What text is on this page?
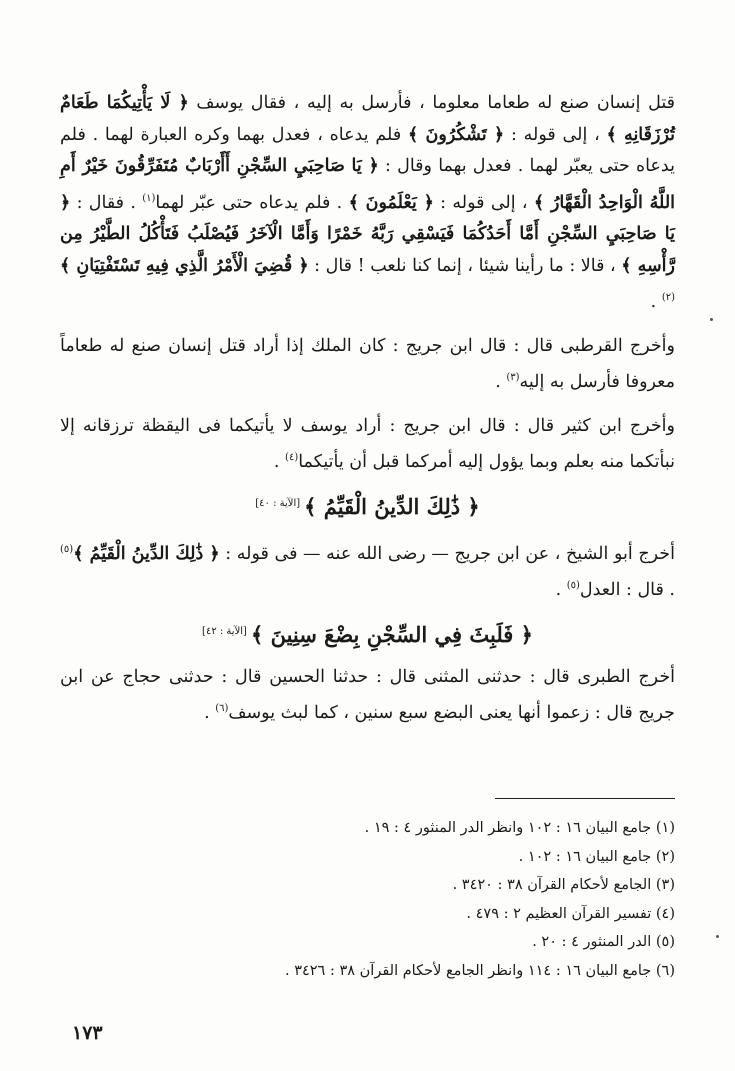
قتل إنسان صنع له طعاما معلوما ، فأرسل به إليه ، فقال يوسف ﴿ لَا يَأْتِيكُمَا طَعَامٌ تُرْزَقَانِهِ ﴾ ، إلى قوله : ﴿ تَشْكُرُونَ ﴾ فلم يدعاه ، فعدل بهما وكره العبارة لهما . فلم يدعاه حتى يعبّر لهما . فعدل بهما وقال : ﴿ يَا صَاحِبَيِ السِّجْنِ أَأَرْبَابٌ مُتَفَرِّقُونَ خَيْرٌ أَمِ اللَّهُ الْوَاحِدُ الْقَهَّارُ ﴾ ، إلى قوله : ﴿ يَعْلَمُونَ ﴾ . فلم يدعاه حتى عبّر لهما$^{(١)}$ . فقال : ﴿ يَا صَاحِبَيِ السِّجْنِ أَمَّا أَحَدُكُمَا فَيَسْقِي رَبَّهُ خَمْرًا وَأَمَّا الْآخَرُ فَيُصْلَبُ فَتَأْكُلُ الطَّيْرُ مِن رَّأْسِهِ ﴾ ، قالا : ما رأينا شيئا ، إنما كنا نلعب ! قال : ﴿ قُضِيَ الْأَمْرُ الَّذِي فِيهِ تَسْتَفْتِيَانِ ﴾$^{(٢)}$ .

وأخرج القرطبى قال : قال ابن جريج : كان الملك إذا أراد قتل إنسان صنع له طعاماً معروفا فأرسل به إليه$^{(٣)}$ .

وأخرج ابن كثير قال : قال ابن جريج : أراد يوسف لا يأتيكما فى اليقظة ترزقانه إلا نبأتكما منه بعلم وبما يؤول إليه أمركما قبل أن يأتيكما$^{(٤)}$ .

﴿ ذَٰلِكَ الدِّينُ الْقَيِّمُ ﴾[الآية : ٤٠]

أخرج أبو الشيخ ، عن ابن جريج — رضى الله عنه — فى قوله : ﴿ ذَٰلِكَ الدِّينُ الْقَيِّمُ ﴾$^{(٥)}$ . قال : العدل$^{(٥)}$ .

﴿ فَلَبِثَ فِي السِّجْنِ بِضْعَ سِنِينَ ﴾[الآية : ٤٢]

أخرج الطبرى قال : حدثنى المثنى قال : حدثنا الحسين قال : حدثنى حجاج عن ابن جريج قال : زعموا أنها يعنى البضع سبع سنين ، كما لبث يوسف$^{(٦)}$ .

(١) جامع البيان ١٦ : ١٠٢ وانظر الدر المنثور ٤ : ١٩ .
(٢) جامع البيان ١٦ : ١٠٢ .
(٣) الجامع لأحكام القرآن ٣٨ : ٣٤٢٠ .
(٤) تفسير القرآن العظيم ٢ : ٤٧٩ .
(٥) الدر المنثور ٤ : ٢٠ .
(٦) جامع البيان ١٦ : ١١٤ وانظر الجامع لأحكام القرآن ٣٨ : ٣٤٢٦ .
١٧٣
